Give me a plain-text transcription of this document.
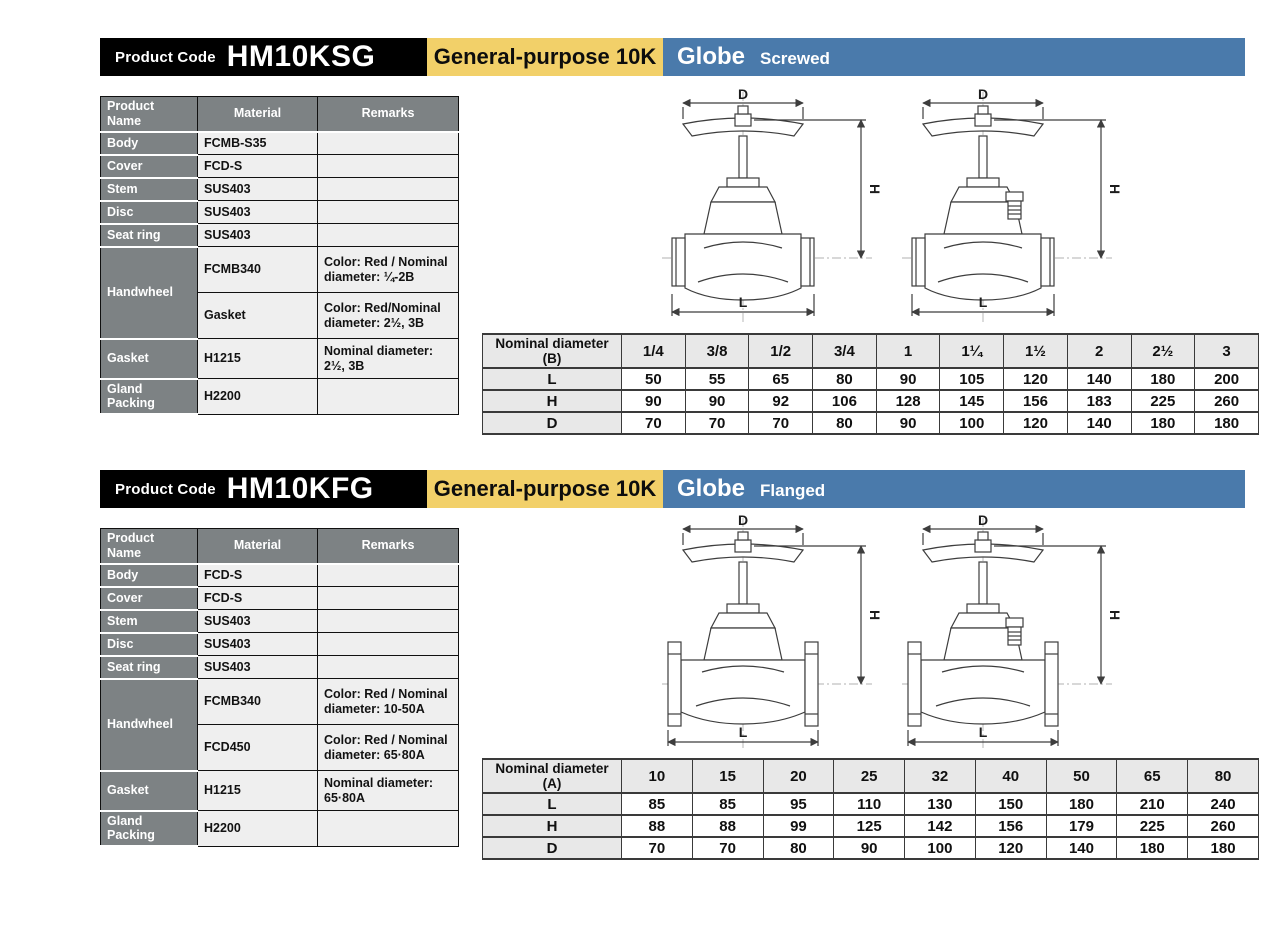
Product Code HM10KSG	General-purpose 10K Globe Screwed
Product Name	Material	Remarks
Body	FCMB-S35	
Cover	FCD-S	
Stem	SUS403	
Disc	SUS403	
Seat ring	SUS403	
Handwheel	FCMB340	Color: Red / Nominal diameter: ¼-2B
	Gasket	Color: Red/Nominal diameter: 2½, 3B
Gasket	H1215	Nominal diameter: 2½, 3B
Gland Packing	H2200	
D
H
L
D
H
L
Nominal diameter (B)	1/4	3/8	1/2	3/4	1	1¼	1½	2	2½	3
L	50	55	65	80	90	105	120	140	180	200
H	90	90	92	106	128	145	156	183	225	260
D	70	70	70	80	90	100	120	140	180	180
Product Code HM10KFG	General-purpose 10K Globe Flanged
Product Name	Material	Remarks
Body	FCD-S	
Cover	FCD-S	
Stem	SUS403	
Disc	SUS403	
Seat ring	SUS403	
Handwheel	FCMB340	Color: Red / Nominal diameter: 10-50A
	FCD450	Color: Red / Nominal diameter: 65·80A
Gasket	H1215	Nominal diameter: 65·80A
Gland Packing	H2200	
D
H
L
D
H
L
Nominal diameter (A)	10	15	20	25	32	40	50	65	80
L	85	85	95	110	130	150	180	210	240
H	88	88	99	125	142	156	179	225	260
D	70	70	80	90	100	120	140	180	180
